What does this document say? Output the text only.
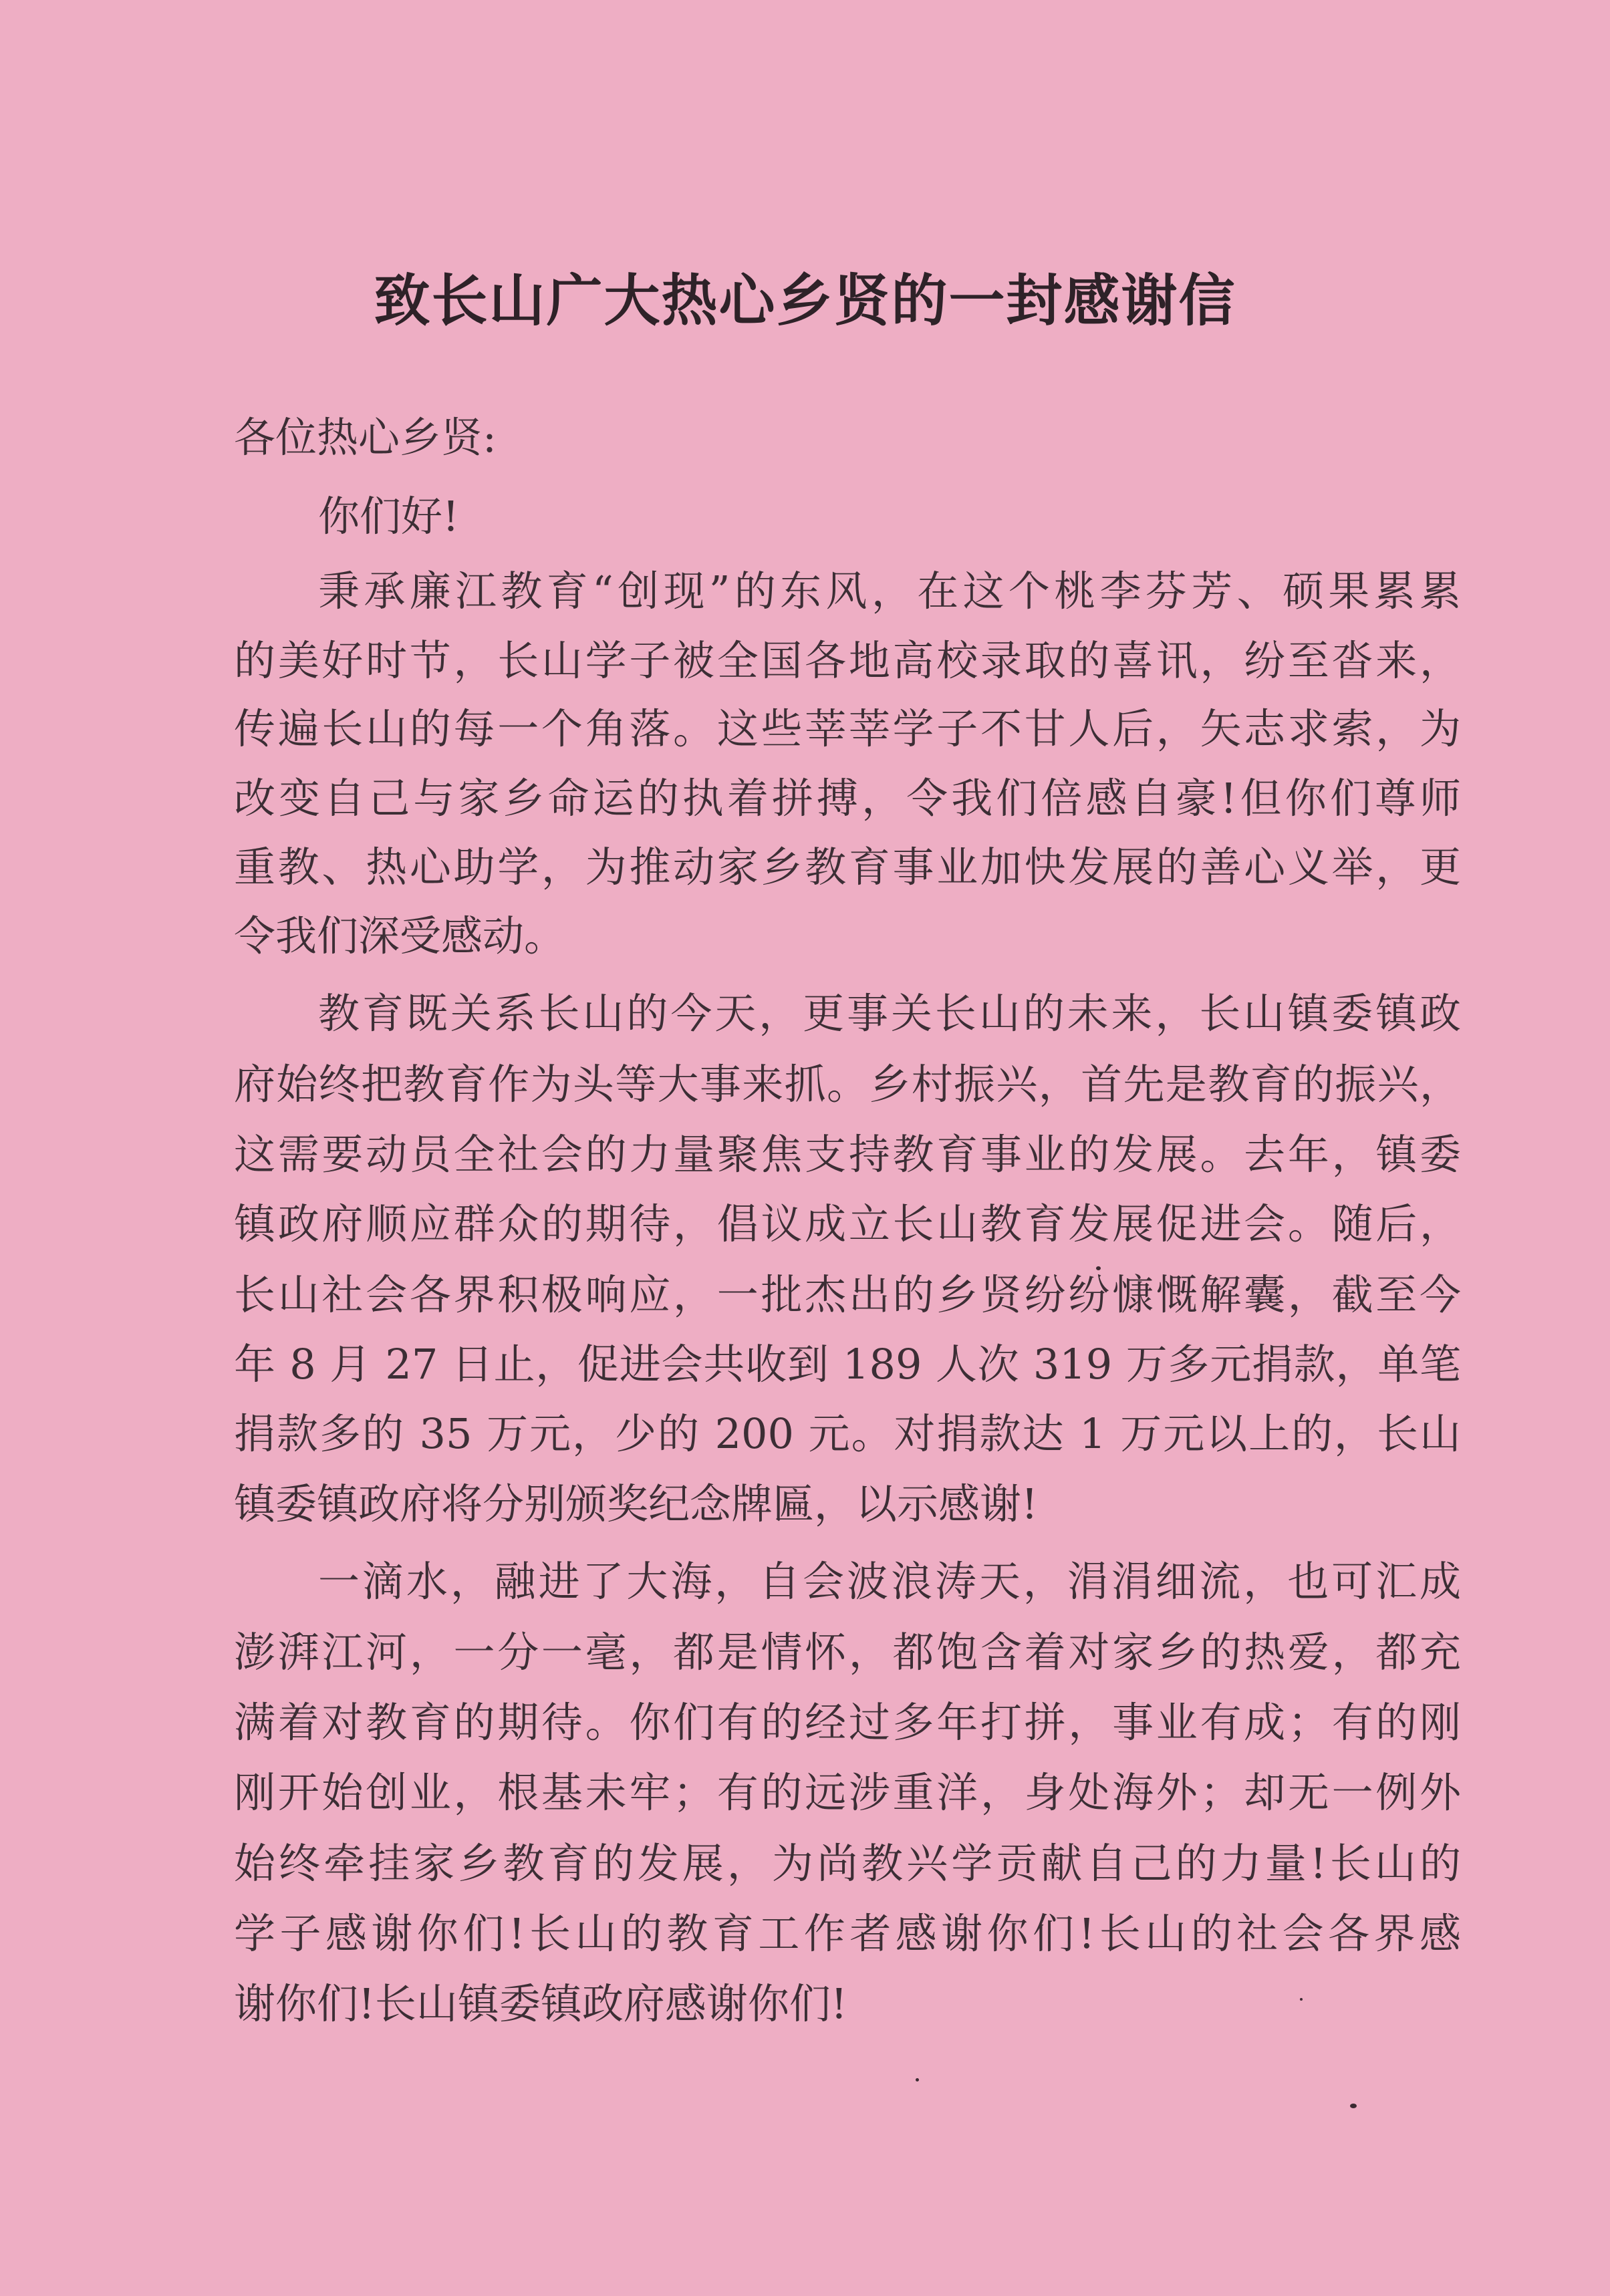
致长山广大热心乡贤的一封感谢信
各位热心乡贤:
你们好!
秉承廉江教育“创现”的东风，在这个桃李芬芳、硕果累累
的美好时节，长山学子被全国各地高校录取的喜讯，纷至沓来，
传遍长山的每一个角落。这些莘莘学子不甘人后，矢志求索，为
改变自己与家乡命运的执着拼搏，令我们倍感自豪!但你们尊师
重教、热心助学，为推动家乡教育事业加快发展的善心义举，更
令我们深受感动。
教育既关系长山的今天，更事关长山的未来，长山镇委镇政
府始终把教育作为头等大事来抓。乡村振兴，首先是教育的振兴，
这需要动员全社会的力量聚焦支持教育事业的发展。去年，镇委
镇政府顺应群众的期待，倡议成立长山教育发展促进会。随后，
长山社会各界积极响应，一批杰出的乡贤纷纷慷慨解囊，截至今
年 8 月 27 日止，促进会共收到 189 人次 319 万多元捐款，单笔
捐款多的 35 万元，少的 200 元。对捐款达 1 万元以上的，长山
镇委镇政府将分别颁奖纪念牌匾，以示感谢!
一滴水，融进了大海，自会波浪涛天，涓涓细流，也可汇成
澎湃江河，一分一毫，都是情怀，都饱含着对家乡的热爱，都充
满着对教育的期待。你们有的经过多年打拼，事业有成；有的刚
刚开始创业，根基未牢；有的远涉重洋，身处海外；却无一例外
始终牵挂家乡教育的发展，为尚教兴学贡献自己的力量!长山的
学子感谢你们!长山的教育工作者感谢你们!长山的社会各界感
谢你们!长山镇委镇政府感谢你们!
